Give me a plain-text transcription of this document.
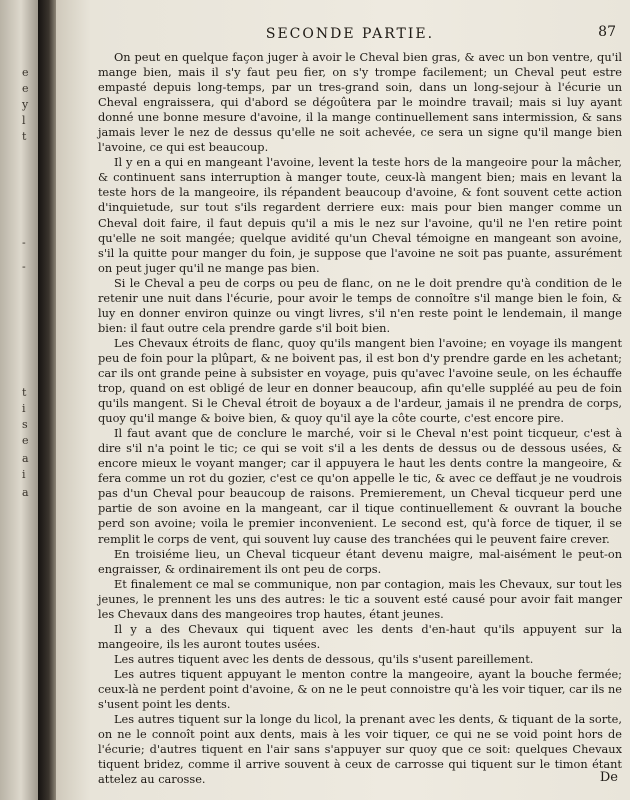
e
e
y
l
t
-
-
t
i
s
e
a
i
a
SECONDE PARTIE.	87

On peut en quelque façon juger à avoir le Cheval bien gras, & avec un bon ventre, qu'il mange bien, mais il s'y faut peu fier, on s'y trompe facilement; un Cheval peut estre empasté depuis long-temps, par un tres-grand soin, dans un long-sejour à l'écurie un Cheval engraissera, qui d'abord se dégoûtera par le moindre travail; mais si luy ayant donné une bonne mesure d'avoine, il la mange continuellement sans intermission, & sans jamais lever le nez de dessus qu'elle ne soit achevée, ce sera un signe qu'il mange bien l'avoine, ce qui est beaucoup.

Il y en a qui en mangeant l'avoine, levent la teste hors de la mangeoire pour la mâcher, & continuent sans interruption à manger toute, ceux-là mangent bien; mais en levant la teste hors de la mangeoire, ils répandent beaucoup d'avoine, & font souvent cette action d'inquietude, sur tout s'ils regardent derriere eux: mais pour bien manger comme un Cheval doit faire, il faut depuis qu'il a mis le nez sur l'avoine, qu'il ne l'en retire point qu'elle ne soit mangée; quelque avidité qu'un Cheval témoigne en mangeant son avoine, s'il la quitte pour manger du foin, je suppose que l'avoine ne soit pas puante, assurément on peut juger qu'il ne mange pas bien.

Si le Cheval a peu de corps ou peu de flanc, on ne le doit prendre qu'à condition de le retenir une nuit dans l'écurie, pour avoir le temps de connoître s'il mange bien le foin, & luy en donner environ quinze ou vingt livres, s'il n'en reste point le lendemain, il mange bien: il faut outre cela prendre garde s'il boit bien.

Les Chevaux étroits de flanc, quoy qu'ils mangent bien l'avoine; en voyage ils mangent peu de foin pour la plûpart, & ne boivent pas, il est bon d'y prendre garde en les achetant; car ils ont grande peine à subsister en voyage, puis qu'avec l'avoine seule, on les échauffe trop, quand on est obligé de leur en donner beaucoup, afin qu'elle suppléé au peu de foin qu'ils mangent. Si le Cheval étroit de boyaux a de l'ardeur, jamais il ne prendra de corps, quoy qu'il mange & boive bien, & quoy qu'il aye la côte courte, c'est encore pire.

Il faut avant que de conclure le marché, voir si le Cheval n'est point ticqueur, c'est à dire s'il n'a point le tic; ce qui se voit s'il a les dents de dessus ou de dessous usées, & encore mieux le voyant manger; car il appuyera le haut les dents contre la mangeoire, & fera comme un rot du gozier, c'est ce qu'on appelle le tic, & avec ce deffaut je ne voudrois pas d'un Cheval pour beaucoup de raisons. Premierement, un Cheval ticqueur perd une partie de son avoine en la mangeant, car il tique continuellement & ouvrant la bouche perd son avoine; voila le premier inconvenient. Le second est, qu'à force de tiquer, il se remplit le corps de vent, qui souvent luy cause des tranchées qui le peuvent faire crever.

En troisiéme lieu, un Cheval ticqueur étant devenu maigre, mal-aisément le peut-on engraisser, & ordinairement ils ont peu de corps.

Et finalement ce mal se communique, non par contagion, mais les Chevaux, sur tout les jeunes, le prennent les uns des autres: le tic a souvent esté causé pour avoir fait manger les Chevaux dans des mangeoires trop hautes, étant jeunes.

Il y a des Chevaux qui tiquent avec les dents d'en-haut qu'ils appuyent sur la mangeoire, ils les auront toutes usées.

Les autres tiquent avec les dents de dessous, qu'ils s'usent pareillement.

Les autres tiquent appuyant le menton contre la mangeoire, ayant la bouche fermée; ceux-là ne perdent point d'avoine, & on ne le peut connoistre qu'à les voir tiquer, car ils ne s'usent point les dents.

Les autres tiquent sur la longe du licol, la prenant avec les dents, & tiquant de la sorte, on ne le connoît point aux dents, mais à les voir tiquer, ce qui ne se void point hors de l'écurie; d'autres tiquent en l'air sans s'appuyer sur quoy que ce soit: quelques Chevaux tiquent bridez, comme il arrive souvent à ceux de carrosse qui tiquent sur le timon étant attelez au carosse.	De
